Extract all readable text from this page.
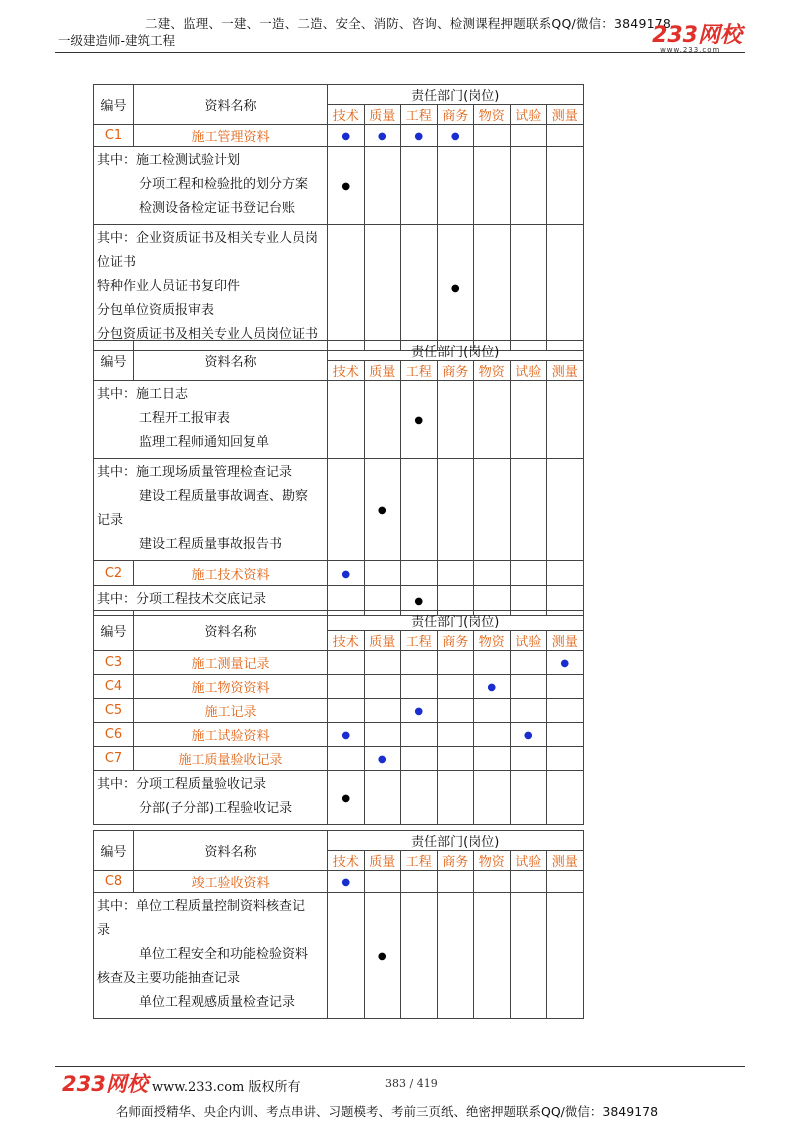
二建、监理、一建、一造、二造、安全、消防、咨询、检测课程押题联系QQ/微信：3849178
一级建造师-建筑工程	233网校
www.233.com
编号	资料名称	责任部门(岗位)						
		技术	质量	工程	商务	物资	试验	测量
C1	施工管理资料	●	●	●	●			

其中：施工检测试验计划
分项工程和检验批的划分方案
检测设备检定证书登记台账
	●						

其中：企业资质证书及相关专业人员岗
位证书
特种作业人员证书复印件
分包单位资质报审表
分包资质证书及相关专业人员岗位证书
				●			
编号	资料名称	责任部门(岗位)						
		技术	质量	工程	商务	物资	试验	测量

其中：施工日志
工程开工报审表
监理工程师通知回复单
			●				

其中：施工现场质量管理检查记录
建设工程质量事故调查、勘察
记录
建设工程质量事故报告书
		●					
C2	施工技术资料	●						

其中：分项工程技术交底记录
			●				
编号	资料名称	责任部门(岗位)						
		技术	质量	工程	商务	物资	试验	测量
C3	施工测量记录							●
C4	施工物资资料					●		
C5	施工记录			●				
C6	施工试验资料	●					●	
C7	施工质量验收记录		●					

其中：分项工程质量验收记录
分部(子分部)工程验收记录
	●						
编号	资料名称	责任部门(岗位)						
		技术	质量	工程	商务	物资	试验	测量
C8	竣工验收资料	●						

其中：单位工程质量控制资料核查记
录
单位工程安全和功能检验资料
核查及主要功能抽查记录
单位工程观感质量检查记录
		●					
233网校 www.233.com 版权所有	383 / 419
名师面授精华、央企内训、考点串讲、习题模考、考前三页纸、绝密押题联系QQ/微信：3849178
